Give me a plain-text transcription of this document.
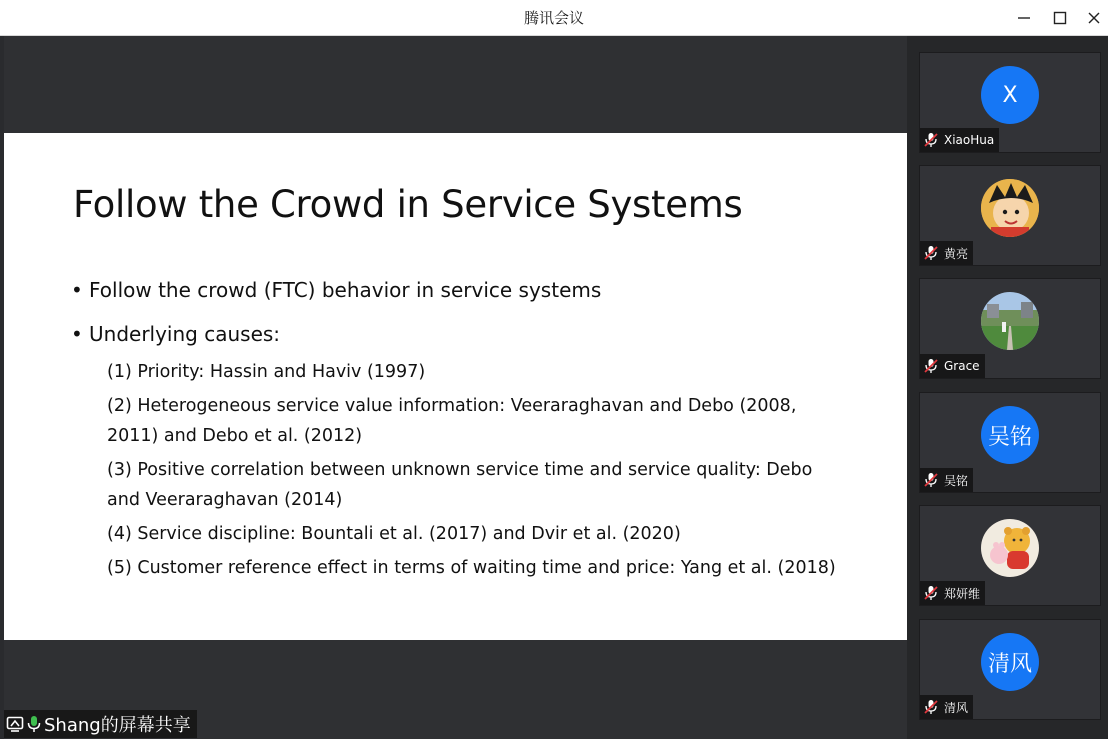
腾讯会议
Follow the Crowd in Service Systems
• Follow the crowd (FTC) behavior in service systems
• Underlying causes:
(1) Priority: Hassin and Haviv (1997)
(2) Heterogeneous service value information: Veeraraghavan and Debo (2008, 2011) and Debo et al. (2012)
(3) Positive correlation between unknown service time and service quality: Debo and Veeraraghavan (2014)
(4) Service discipline: Bountali et al. (2017) and Dvir et al. (2020)
(5) Customer reference effect in terms of waiting time and price: Yang et al. (2018)
Shang的屏幕共享
X
XiaoHua
黄亮
Grace
吴铭
吴铭
郑妍维
清风
清风
